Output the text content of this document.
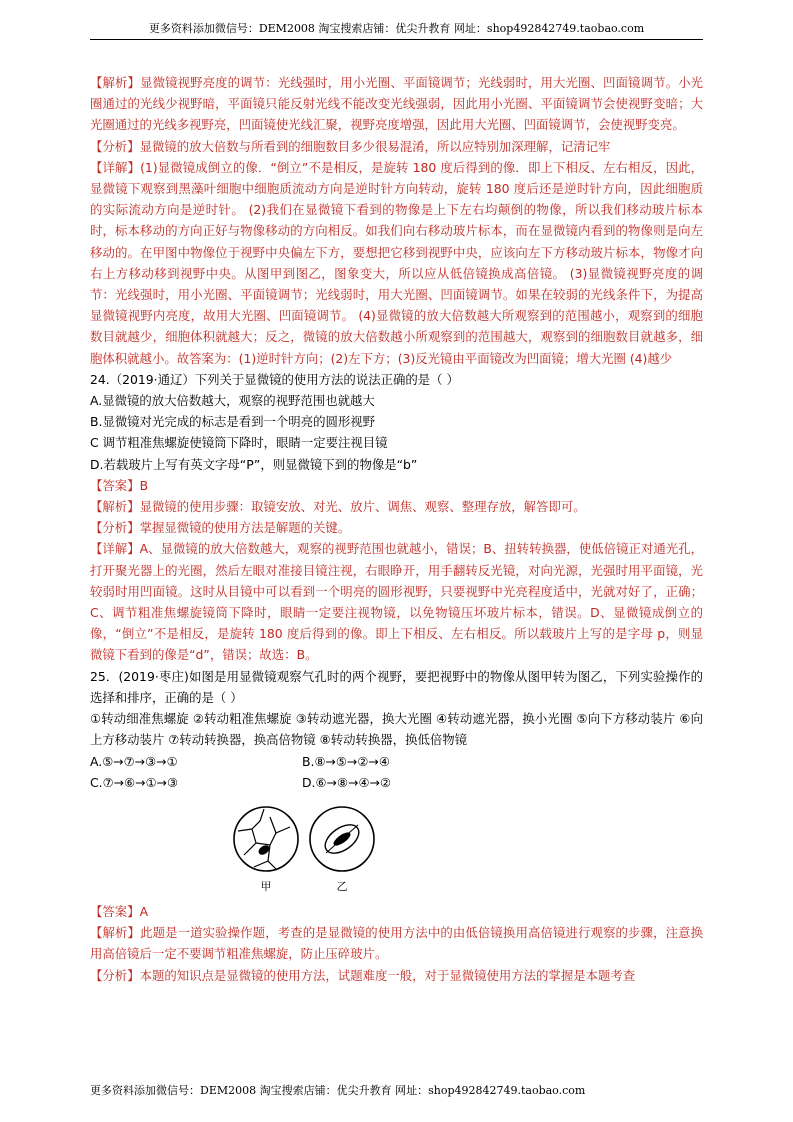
更多资料添加微信号：DEM2008 淘宝搜索店铺：优尖升教育 网址：shop492842749.taobao.com

【解析】显微镜视野亮度的调节：光线强时，用小光圈、平面镜调节；光线弱时，用大光圈、凹面镜调节。小光圈通过的光线少视野暗，平面镜只能反射光线不能改变光线强弱，因此用小光圈、平面镜调节会使视野变暗；大光圈通过的光线多视野亮，凹面镜使光线汇聚，视野亮度增强，因此用大光圈、凹面镜调节，会使视野变亮。

【分析】显微镜的放大倍数与所看到的细胞数目多少很易混淆，所以应特别加深理解，记清记牢

【详解】(1)显微镜成倒立的像．“倒立”不是相反，是旋转 180 度后得到的像．即上下相反、左右相反，因此，显微镜下观察到黑藻叶细胞中细胞质流动方向是逆时针方向转动，旋转 180 度后还是逆时针方向，因此细胞质的实际流动方向是逆时针。 (2)我们在显微镜下看到的物像是上下左右均颠倒的物像，所以我们移动玻片标本时，标本移动的方向正好与物像移动的方向相反。如我们向右移动玻片标本，而在显微镜内看到的物像则是向左移动的。在甲图中物像位于视野中央偏左下方，要想把它移到视野中央，应该向左下方移动玻片标本，物像才向右上方移动移到视野中央。从图甲到图乙，图象变大，所以应从低倍镜换成高倍镜。 (3)显微镜视野亮度的调节：光线强时，用小光圈、平面镜调节；光线弱时，用大光圈、凹面镜调节。如果在较弱的光线条件下，为提高显微镜视野内亮度，故用大光圈、凹面镜调节。 (4)显微镜的放大倍数越大所观察到的范围越小，观察到的细胞数目就越少，细胞体积就越大；反之，微镜的放大倍数越小所观察到的范围越大，观察到的细胞数目就越多，细胞体积就越小。故答案为：(1)逆时针方向；(2)左下方；(3)反光镜由平面镜改为凹面镜；增大光圈 (4)越少

24.（2019·通辽）下列关于显微镜的使用方法的说法正确的是（ ）

A.显微镜的放大倍数越大，观察的视野范围也就越大

B.显微镜对光完成的标志是看到一个明亮的圆形视野

C 调节粗准焦螺旋使镜筒下降时，眼睛一定要注视目镜

D.若载玻片上写有英文字母“P”，则显微镜下到的物像是“b”

【答案】B

【解析】显微镜的使用步骤：取镜安放、对光、放片、调焦、观察、整理存放，解答即可。

【分析】掌握显微镜的使用方法是解题的关键。

【详解】A、显微镜的放大倍数越大，观察的视野范围也就越小，错误；B、扭转转换器，使低倍镜正对通光孔，打开聚光器上的光圈，然后左眼对准接目镜注视，右眼睁开，用手翻转反光镜，对向光源，光强时用平面镜，光较弱时用凹面镜。这时从目镜中可以看到一个明亮的圆形视野，只要视野中光亮程度适中，光就对好了，正确；C、调节粗准焦螺旋镜筒下降时，眼睛一定要注视物镜，以免物镜压坏玻片标本，错误。D、显微镜成倒立的像，“倒立”不是相反，是旋转 180 度后得到的像。即上下相反、左右相反。所以载玻片上写的是字母 p，则显微镜下看到的像是“d”，错误；故选：B。

25．(2019·枣庄)如图是用显微镜观察气孔时的两个视野，要把视野中的物像从图甲转为图乙，下列实验操作的选择和排序，正确的是（ ）

①转动细准焦螺旋 ②转动粗准焦螺旋 ③转动遮光器，换大光圈 ④转动遮光器，换小光圈 ⑤向下方移动装片 ⑥向上方移动装片 ⑦转动转换器，换高倍物镜 ⑧转动转换器，换低倍物镜

A.⑤→⑦→③→①	B.⑧→⑤→②→④
C.⑦→⑥→①→③	D.⑥→⑧→④→②
甲	乙

【答案】A

【解析】此题是一道实验操作题，考查的是显微镜的使用方法中的由低倍镜换用高倍镜进行观察的步骤，注意换用高倍镜后一定不要调节粗准焦螺旋，防止压碎玻片。

【分析】本题的知识点是显微镜的使用方法，试题难度一般，对于显微镜使用方法的掌握是本题考查

更多资料添加微信号：DEM2008 淘宝搜索店铺：优尖升教育 网址：shop492842749.taobao.com
